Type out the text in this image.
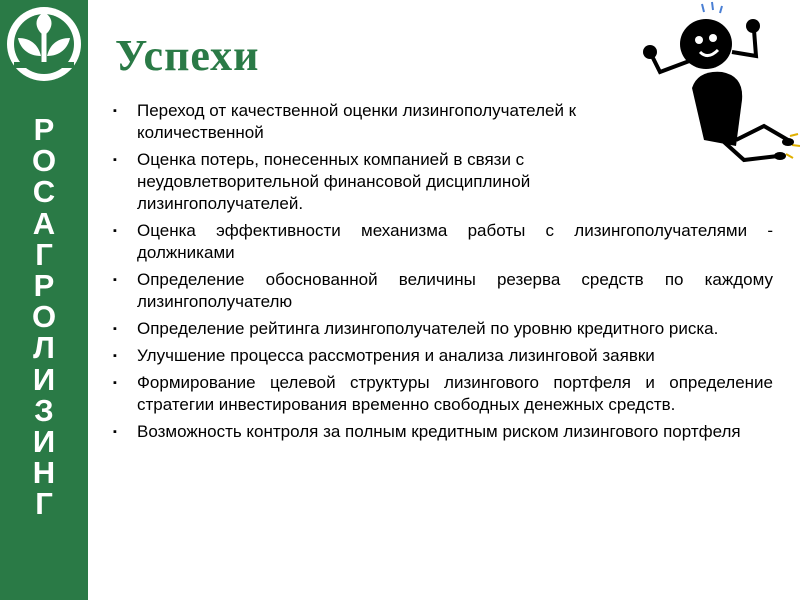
Р
О
С
А
Г
Р
О
Л
И
З
И
Н
Г
Успехи
▪ Переход от качественной оценки лизингополучателей к количественной
▪ Оценка потерь, понесенных компанией в связи с неудовлетворительной финансовой дисциплиной лизингополучателей.
▪ Оценка эффективности механизма работы с лизингополучателями - должниками
▪ Определение обоснованной величины резерва средств по каждому лизингополучателю
▪ Определение рейтинга лизингополучателей по уровню кредитного риска.
▪ Улучшение процесса рассмотрения и анализа лизинговой заявки
▪ Формирование целевой структуры лизингового портфеля и определение стратегии инвестирования временно свободных денежных средств.
▪ Возможность контроля за полным кредитным риском лизингового портфеля
